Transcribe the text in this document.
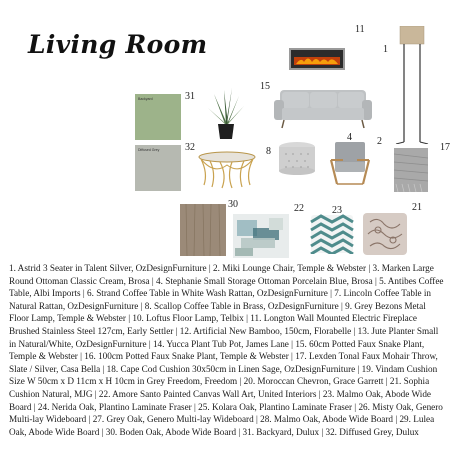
Living Room
11
1
Backyard	31
Diffused Grey	32
15
8
4	2
17
30	22	23	21

1. Astrid 3 Seater in Talent Silver, OzDesignFurniture | 2. Miki Lounge Chair, Temple & Webster | 3. Marken Large Round Ottoman Classic Cream, Brosa | 4. Stephanie Small Storage Ottoman Porcelain Blue, Brosa | 5. Antibes Coffee Table, Albi Imports | 6. Strand Coffee Table in White Wash Rattan, OzDesignFurniture | 7. Lincoln Coffee Table in Natural Rattan, OzDesignFurniture | 8. Scallop Coffee Table in Brass, OzDesignFurniture | 9. Grey Bezons Metal Floor Lamp, Temple & Webster | 10. Loftus Floor Lamp, Telbix | 11. Longton Wall Mounted Electric Fireplace Brushed Stainless Steel 127cm, Early Settler | 12. Artificial New Bamboo, 150cm, Florabelle | 13. Jute Planter Small in Natural/White, OzDesignFurniture | 14. Yucca Plant Tub Pot, James Lane | 15. 60cm Potted Faux Snake Plant, Temple & Webster | 16. 100cm Potted Faux Snake Plant, Temple & Webster | 17. Lexden Tonal Faux Mohair Throw, Slate / Silver, Casa Bella | 18. Cape Cod Cushion 30x50cm in Linen Sage, OzDesignFurniture | 19. Vindam Cushion Size W 50cm x D 11cm x H 10cm in Grey Freedom, Freedom | 20. Moroccan Chevron, Grace Garrett | 21. Sophia Cushion Natural, MJG | 22. Amore Santo Painted Canvas Wall Art, United Interiors | 23. Malmo Oak, Abode Wide Board | 24. Nerida Oak, Plantino Laminate Fraser | 25. Kolara Oak, Plantino Laminate Fraser | 26. Misty Oak, Genero Multi-lay Wideboard | 27. Grey Oak, Genero Multi-lay Wideboard | 28. Malmo Oak, Abode Wide Board | 29. Lulea Oak, Abode Wide Board | 30. Boden Oak, Abode Wide Board | 31. Backyard, Dulux | 32. Diffused Grey, Dulux
